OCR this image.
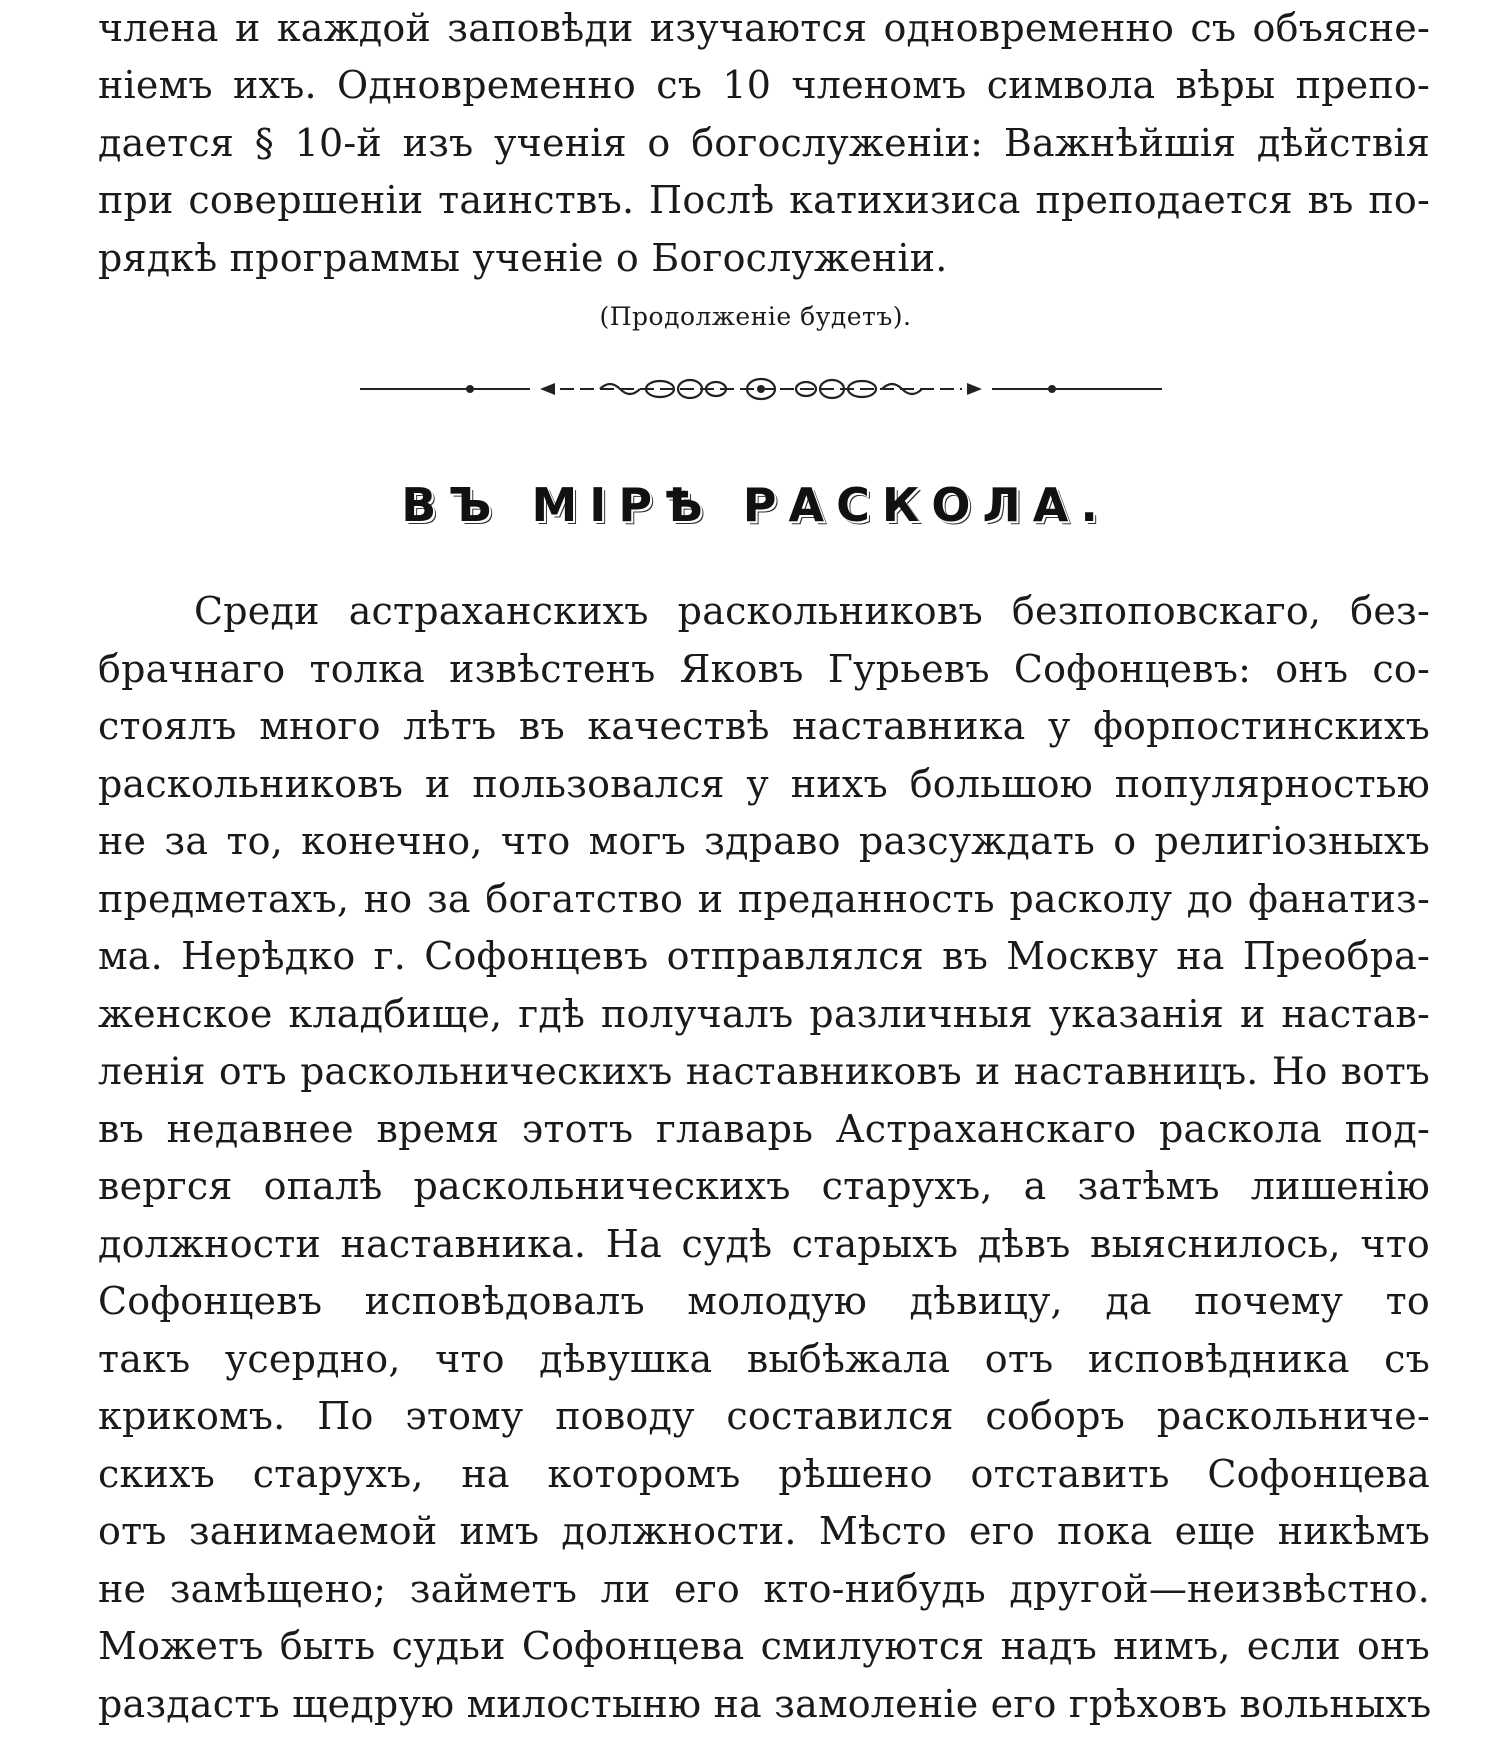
члена и каждой заповѣди изучаются одновременно съ объясне-
ніемъ ихъ. Одновременно съ 10 членомъ символа вѣры препо-
дается § 10-й изъ ученія о богослуженіи: Важнѣйшія дѣйствія
при совершеніи таинствъ. Послѣ катихизиса преподается въ по-
рядкѣ программы ученіе о Богослуженіи.
(Продолженіе будетъ).
ВЪ МІРѢ РАСКОЛА.
Среди астраханскихъ раскольниковъ безпоповскаго, без-
брачнаго толка извѣстенъ Яковъ Гурьевъ Софонцевъ: онъ со-
стоялъ много лѣтъ въ качествѣ наставника у форпостинскихъ
раскольниковъ и пользовался у нихъ большою популярностью
не за то, конечно, что могъ здраво разсуждать о религіозныхъ
предметахъ, но за богатство и преданность расколу до фанатиз-
ма. Нерѣдко г. Софонцевъ отправлялся въ Москву на Преобра-
женское кладбище, гдѣ получалъ различныя указанія и настав-
ленія отъ раскольническихъ наставниковъ и наставницъ. Но вотъ
въ недавнее время этотъ главарь Астраханскаго раскола под-
вергся опалѣ раскольническихъ старухъ, а затѣмъ лишенію
должности наставника. На судѣ старыхъ дѣвъ выяснилось, что
Софонцевъ исповѣдовалъ молодую дѣвицу, да почему то
такъ усердно, что дѣвушка выбѣжала отъ исповѣдника съ
крикомъ. По этому поводу составился соборъ раскольниче-
скихъ старухъ, на которомъ рѣшено отставить Софонцева
отъ занимаемой имъ должности. Мѣсто его пока еще никѣмъ
не замѣщено; займетъ ли его кто-нибудь другой—неизвѣстно.
Можетъ быть судьи Софонцева смилуются надъ нимъ, если онъ
раздастъ щедрую милостыню на замоленіе его грѣховъ вольныхъ
